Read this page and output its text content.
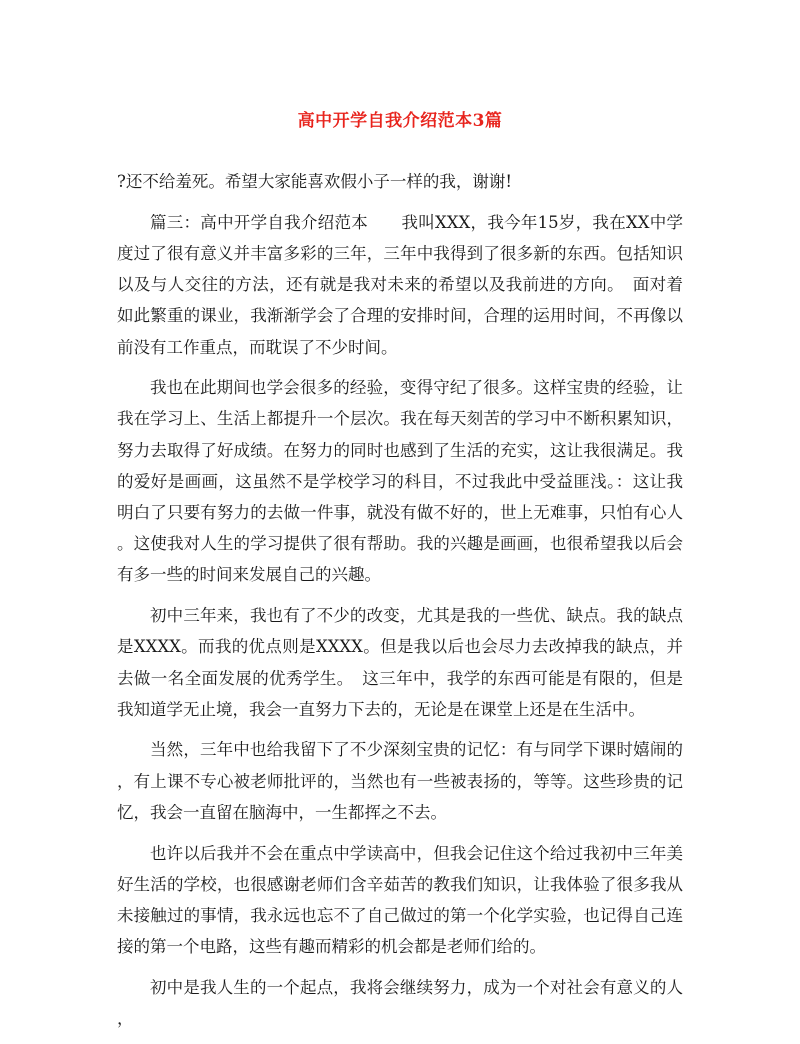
高中开学自我介绍范本3篇

?还不给羞死。希望大家能喜欢假小子一样的我，谢谢!

篇三：高中开学自我介绍范本　　我叫XXX，我今年15岁，我在XX中学度过了很有意义并丰富多彩的三年，三年中我得到了很多新的东西。包括知识以及与人交往的方法，还有就是我对未来的希望以及我前进的方向。　面对着如此繁重的课业，我渐渐学会了合理的安排时间，合理的运用时间，不再像以前没有工作重点，而耽误了不少时间。

我也在此期间也学会很多的经验，变得守纪了很多。这样宝贵的经验，让我在学习上、生活上都提升一个层次。我在每天刻苦的学习中不断积累知识，努力去取得了好成绩。在努力的同时也感到了生活的充实，这让我很满足。我的爱好是画画，这虽然不是学校学习的科目，不过我此中受益匪浅。：这让我明白了只要有努力的去做一件事，就没有做不好的，世上无难事，只怕有心人。这使我对人生的学习提供了很有帮助。我的兴趣是画画，也很希望我以后会有多一些的时间来发展自己的兴趣。

初中三年来，我也有了不少的改变，尤其是我的一些优、缺点。我的缺点是XXXX。而我的优点则是XXXX。但是我以后也会尽力去改掉我的缺点，并去做一名全面发展的优秀学生。　这三年中，我学的东西可能是有限的，但是我知道学无止境，我会一直努力下去的，无论是在课堂上还是在生活中。

当然，三年中也给我留下了不少深刻宝贵的记忆：有与同学下课时嬉闹的，有上课不专心被老师批评的，当然也有一些被表扬的，等等。这些珍贵的记忆，我会一直留在脑海中，一生都挥之不去。

也许以后我并不会在重点中学读高中，但我会记住这个给过我初中三年美好生活的学校，也很感谢老师们含辛茹苦的教我们知识，让我体验了很多我从未接触过的事情，我永远也忘不了自己做过的第一个化学实验，也记得自己连接的第一个电路，这些有趣而精彩的机会都是老师们给的。

初中是我人生的一个起点，我将会继续努力，成为一个对社会有意义的人，
